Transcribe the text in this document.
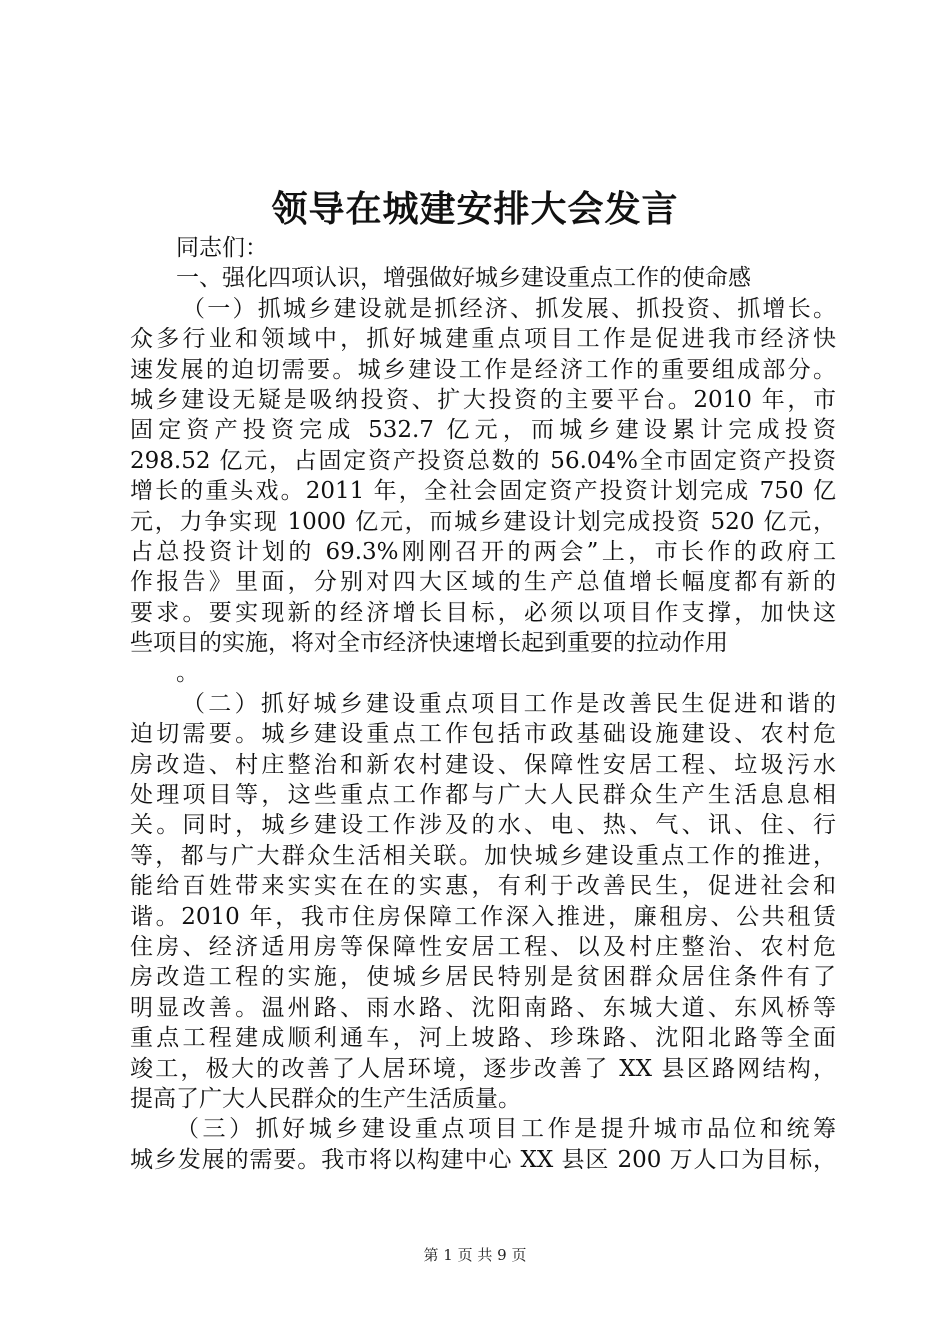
领导在城建安排大会发言
同志们：
一、强化四项认识，增强做好城乡建设重点工作的使命感
（一）抓城乡建设就是抓经济、抓发展、抓投资、抓增长。
众多行业和领域中，抓好城建重点项目工作是促进我市经济快
速发展的迫切需要。城乡建设工作是经济工作的重要组成部分。
城乡建设无疑是吸纳投资、扩大投资的主要平台。2010 年，市
固定资产投资完成 532.7 亿元，而城乡建设累计完成投资
298.52 亿元，占固定资产投资总数的 56.04%全市固定资产投资
增长的重头戏。2011 年，全社会固定资产投资计划完成 750 亿
元，力争实现 1000 亿元，而城乡建设计划完成投资 520 亿元，
占总投资计划的 69.3%刚刚召开的两会”上，市长作的政府工
作报告》里面，分别对四大区域的生产总值增长幅度都有新的
要求。要实现新的经济增长目标，必须以项目作支撑，加快这
些项目的实施，将对全市经济快速增长起到重要的拉动作用
。
（二）抓好城乡建设重点项目工作是改善民生促进和谐的
迫切需要。城乡建设重点工作包括市政基础设施建设、农村危
房改造、村庄整治和新农村建设、保障性安居工程、垃圾污水
处理项目等，这些重点工作都与广大人民群众生产生活息息相
关。同时，城乡建设工作涉及的水、电、热、气、讯、住、行
等，都与广大群众生活相关联。加快城乡建设重点工作的推进，
能给百姓带来实实在在的实惠，有利于改善民生，促进社会和
谐。2010 年，我市住房保障工作深入推进，廉租房、公共租赁
住房、经济适用房等保障性安居工程、以及村庄整治、农村危
房改造工程的实施，使城乡居民特别是贫困群众居住条件有了
明显改善。温州路、雨水路、沈阳南路、东城大道、东风桥等
重点工程建成顺利通车，河上坡路、珍珠路、沈阳北路等全面
竣工，极大的改善了人居环境，逐步改善了 XX 县区路网结构，
提高了广大人民群众的生产生活质量。
（三）抓好城乡建设重点项目工作是提升城市品位和统筹
城乡发展的需要。我市将以构建中心 XX 县区 200 万人口为目标，
第 1 页 共 9 页
